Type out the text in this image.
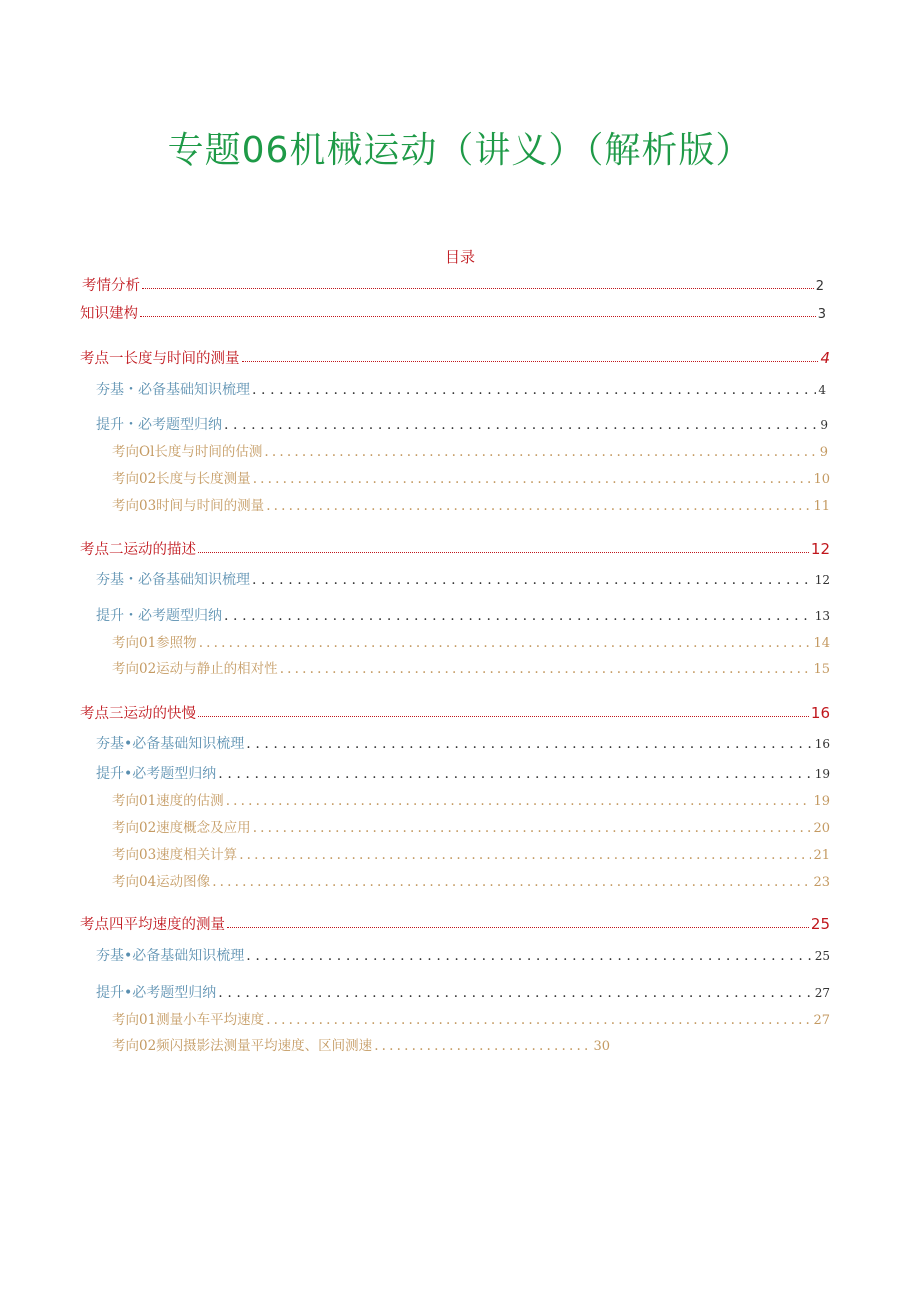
专题06机械运动（讲义）（解析版）
目录
考情分析	2
知识建构	3
考点一长度与时间的测量	4
夯基・必备基础知识梳理 .....	4
提升・必考题型归纳 .....	9
考向Ol长度与时间的估测 .....	9
考向02长度与长度测量 .....	10
考向03时间与时间的测量 .....	11
考点二运动的描述	12
夯基・必备基础知识梳理 .....	12
提升・必考题型归纳 .....	13
考向01参照物 .....	14
考向02运动与静止的相对性 .....	15
考点三运动的快慢	16
夯基•必备基础知识梳理 .....	16
提升•必考题型归纳 .....	19
考向01速度的估测 .....	19
考向02速度概念及应用 .....	20
考向03速度相关计算 .....	21
考向04运动图像 .....	23
考点四平均速度的测量	25
夯基•必备基础知识梳理 .....	25
提升•必考题型归纳 .....	27
考向01测量小车平均速度 .....	27
考向02频闪摄影法测量平均速度、区间测速 .....	30
